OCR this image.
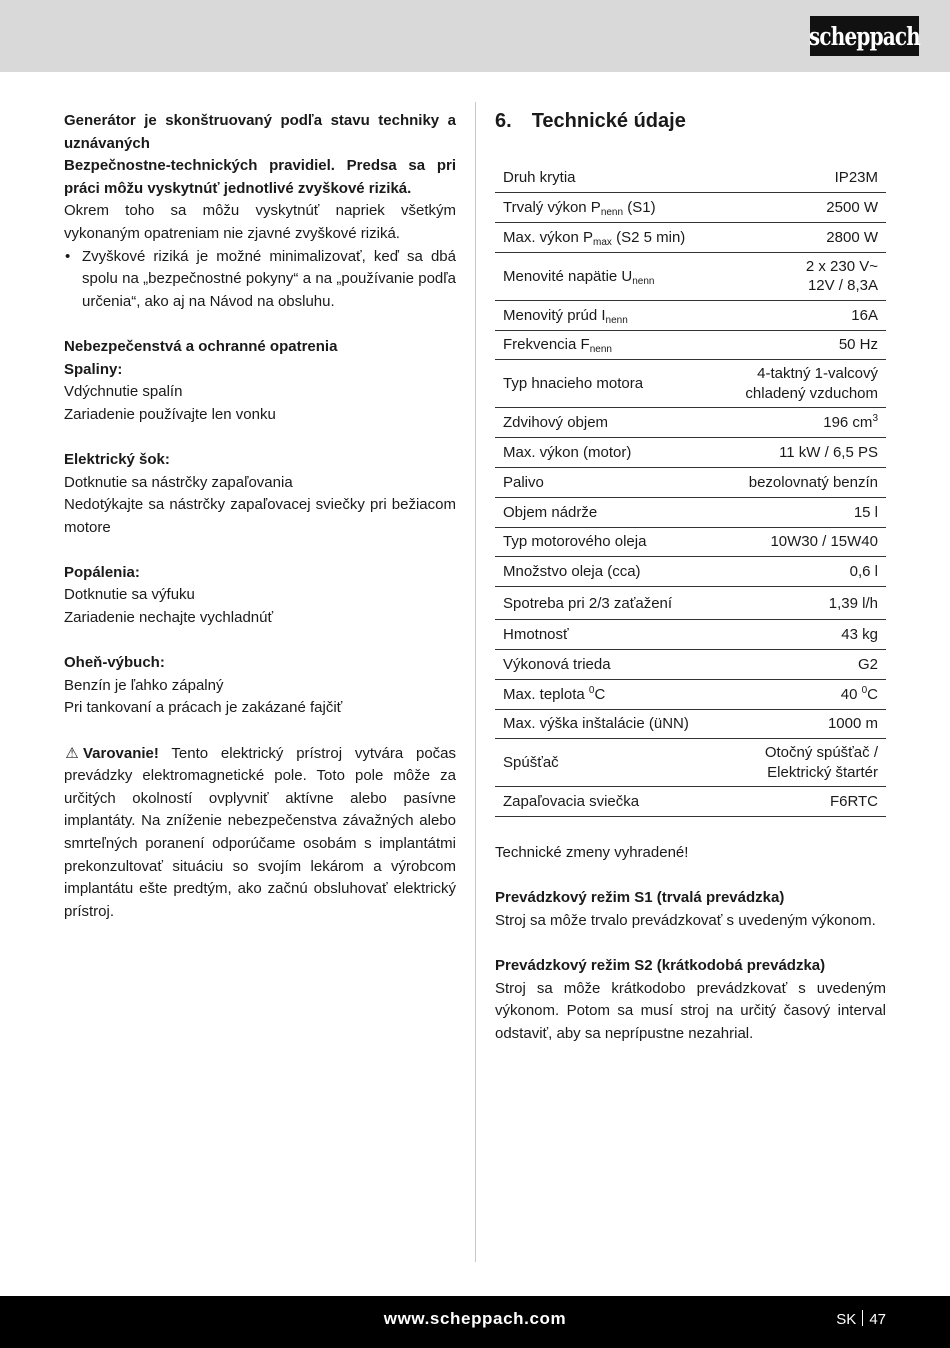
scheppach

Generátor je skonštruovaný podľa stavu techniky a uznávaných

Bezpečnostne-technických pravidiel. Predsa sa pri práci môžu vyskytnúť jednotlivé zvyškové riziká.

Okrem toho sa môžu vyskytnúť napriek všetkým vykonaným opatreniam nie zjavné zvyškové riziká.

• Zvyškové riziká je možné minimalizovať, keď sa dbá spolu na „bezpečnostné pokyny“ a na „používanie podľa určenia“, ako aj na Návod na obsluhu.

Nebezpečenstvá a ochranné opatrenia

Spaliny:

Vdýchnutie spalín

Zariadenie používajte len vonku

Elektrický šok:

Dotknutie sa nástrčky zapaľovania

Nedotýkajte sa nástrčky zapaľovacej sviečky pri bežiacom motore

Popálenia:

Dotknutie sa výfuku

Zariadenie nechajte vychladnúť

Oheň-výbuch:

Benzín je ľahko zápalný

Pri tankovaní a prácach je zakázané fajčiť

⚠ Varovanie! Tento elektrický prístroj vytvára počas prevádzky elektromagnetické pole. Toto pole môže za určitých okolností ovplyvniť aktívne alebo pasívne implantáty. Na zníženie nebezpečenstva závažných alebo smrteľných poranení odporúčame osobám s implantátmi prekonzultovať situáciu so svojím lekárom a výrobcom implantátu ešte predtým, ako začnú obsluhovať elektrický prístroj.

6. Technické údaje
Druh krytia	IP23M
Trvalý výkon $P_{nenn}$ (S1)	2500 W
Max. výkon $P_{max}$ (S2 5 min)	2800 W
Menovité napätie $U_{nenn}$	2 x 230 V~
12V / 8,3A

Menovitý prúd $I_{nenn}$	16A
Frekvencia $F_{nenn}$	50 Hz
Typ hnacieho motora	4-taktný 1-valcový
chladený vzduchom

Zdvihový objem	196 $cm^3$
Max. výkon (motor)	11 kW / 6,5 PS
Palivo	bezolovnatý benzín
Objem nádrže	15 l
Typ motorového oleja	10W30 / 15W40
Množstvo oleja (cca)	0,6 l
Spotreba pri 2/3 zaťažení	1,39 l/h
Hmotnosť	43 kg
Výkonová trieda	G2
Max. teplota $^0$C	40 $^0$C
Max. výška inštalácie (üNN)	1000 m
Spúšťač	Otočný spúšťač /
Elektrický štartér

Zapaľovacia sviečka	F6RTC

Technické zmeny vyhradené!

Prevádzkový režim S1 (trvalá prevádzka)

Stroj sa môže trvalo prevádzkovať s uvedeným výkonom.

Prevádzkový režim S2 (krátkodobá prevádzka)

Stroj sa môže krátkodobo prevádzkovať s uvedeným výkonom. Potom sa musí stroj na určitý časový interval odstaviť, aby sa neprípustne nezahrial.

www.scheppach.com	SK 47
